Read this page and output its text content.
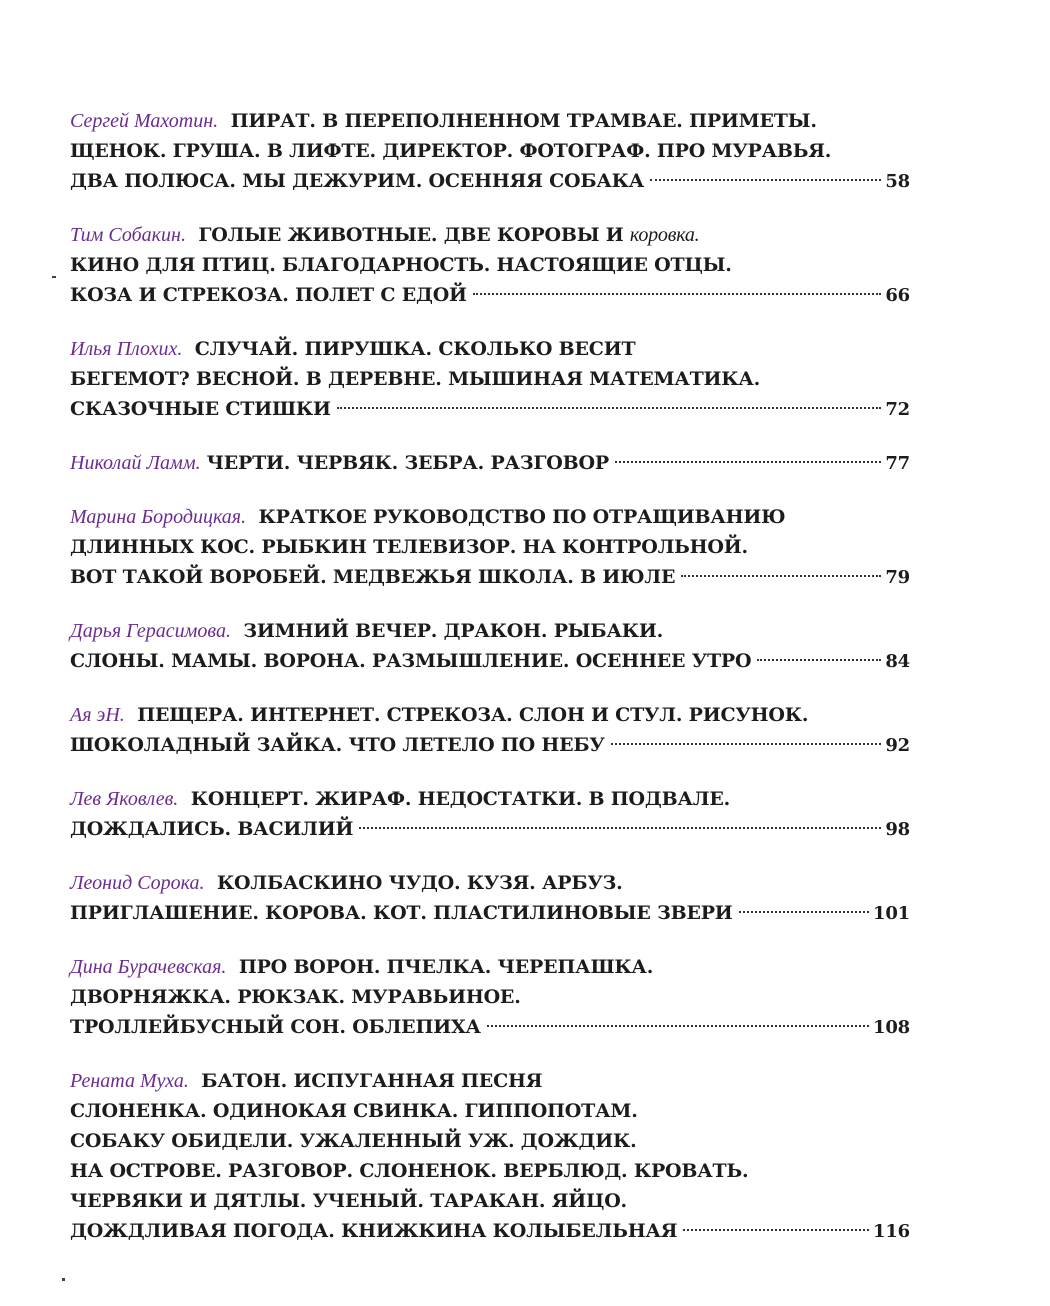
Сергей Махотин. ПИРАТ. В ПЕРЕПОЛНЕННОМ ТРАМВАЕ. ПРИМЕТЫ.
ЩЕНОК. ГРУША. В ЛИФТЕ. ДИРЕКТОР. ФОТОГРАФ. ПРО МУРАВЬЯ.
ДВА ПОЛЮСА. МЫ ДЕЖУРИМ. ОСЕННЯЯ СОБАКА	58
Тим Собакин. ГОЛЫЕ ЖИВОТНЫЕ. ДВЕ КОРОВЫ И коровка.
КИНО ДЛЯ ПТИЦ. БЛАГОДАРНОСТЬ. НАСТОЯЩИЕ ОТЦЫ.
КОЗА И СТРЕКОЗА. ПОЛЕТ С ЕДОЙ	66
Илья Плохих. СЛУЧАЙ. ПИРУШКА. СКОЛЬКО ВЕСИТ
БЕГЕМОТ? ВЕСНОЙ. В ДЕРЕВНЕ. МЫШИНАЯ МАТЕМАТИКА.
СКАЗОЧНЫЕ СТИШКИ	72
Николай Ламм. ЧЕРТИ. ЧЕРВЯК. ЗЕБРА. РАЗГОВОР	77
Марина Бородицкая. КРАТКОЕ РУКОВОДСТВО ПО ОТРАЩИВАНИЮ
ДЛИННЫХ КОС. РЫБКИН ТЕЛЕВИЗОР. НА КОНТРОЛЬНОЙ.
ВОТ ТАКОЙ ВОРОБЕЙ. МЕДВЕЖЬЯ ШКОЛА. В ИЮЛЕ	79
Дарья Герасимова. ЗИМНИЙ ВЕЧЕР. ДРАКОН. РЫБАКИ.
СЛОНЫ. МАМЫ. ВОРОНА. РАЗМЫШЛЕНИЕ. ОСЕННЕЕ УТРО	84
Ая эН. ПЕЩЕРА. ИНТЕРНЕТ. СТРЕКОЗА. СЛОН И СТУЛ. РИСУНОК.
ШОКОЛАДНЫЙ ЗАЙКА. ЧТО ЛЕТЕЛО ПО НЕБУ	92
Лев Яковлев. КОНЦЕРТ. ЖИРАФ. НЕДОСТАТКИ. В ПОДВАЛЕ.
ДОЖДАЛИСЬ. ВАСИЛИЙ	98
Леонид Сорока. КОЛБАСКИНО ЧУДО. КУЗЯ. АРБУЗ.
ПРИГЛАШЕНИЕ. КОРОВА. КОТ. ПЛАСТИЛИНОВЫЕ ЗВЕРИ	101
Дина Бурачевская. ПРО ВОРОН. ПЧЕЛКА. ЧЕРЕПАШКА.
ДВОРНЯЖКА. РЮКЗАК. МУРАВЬИНОЕ.
ТРОЛЛЕЙБУСНЫЙ СОН. ОБЛЕПИХА	108
Рената Муха. БАТОН. ИСПУГАННАЯ ПЕСНЯ
СЛОНЕНКА. ОДИНОКАЯ СВИНКА. ГИППОПОТАМ.
СОБАКУ ОБИДЕЛИ. УЖАЛЕННЫЙ УЖ. ДОЖДИК.
НА ОСТРОВЕ. РАЗГОВОР. СЛОНЕНОК. ВЕРБЛЮД. КРОВАТЬ.
ЧЕРВЯКИ И ДЯТЛЫ. УЧЕНЫЙ. ТАРАКАН. ЯЙЦО.
ДОЖДЛИВАЯ ПОГОДА. КНИЖКИНА КОЛЫБЕЛЬНАЯ	116
